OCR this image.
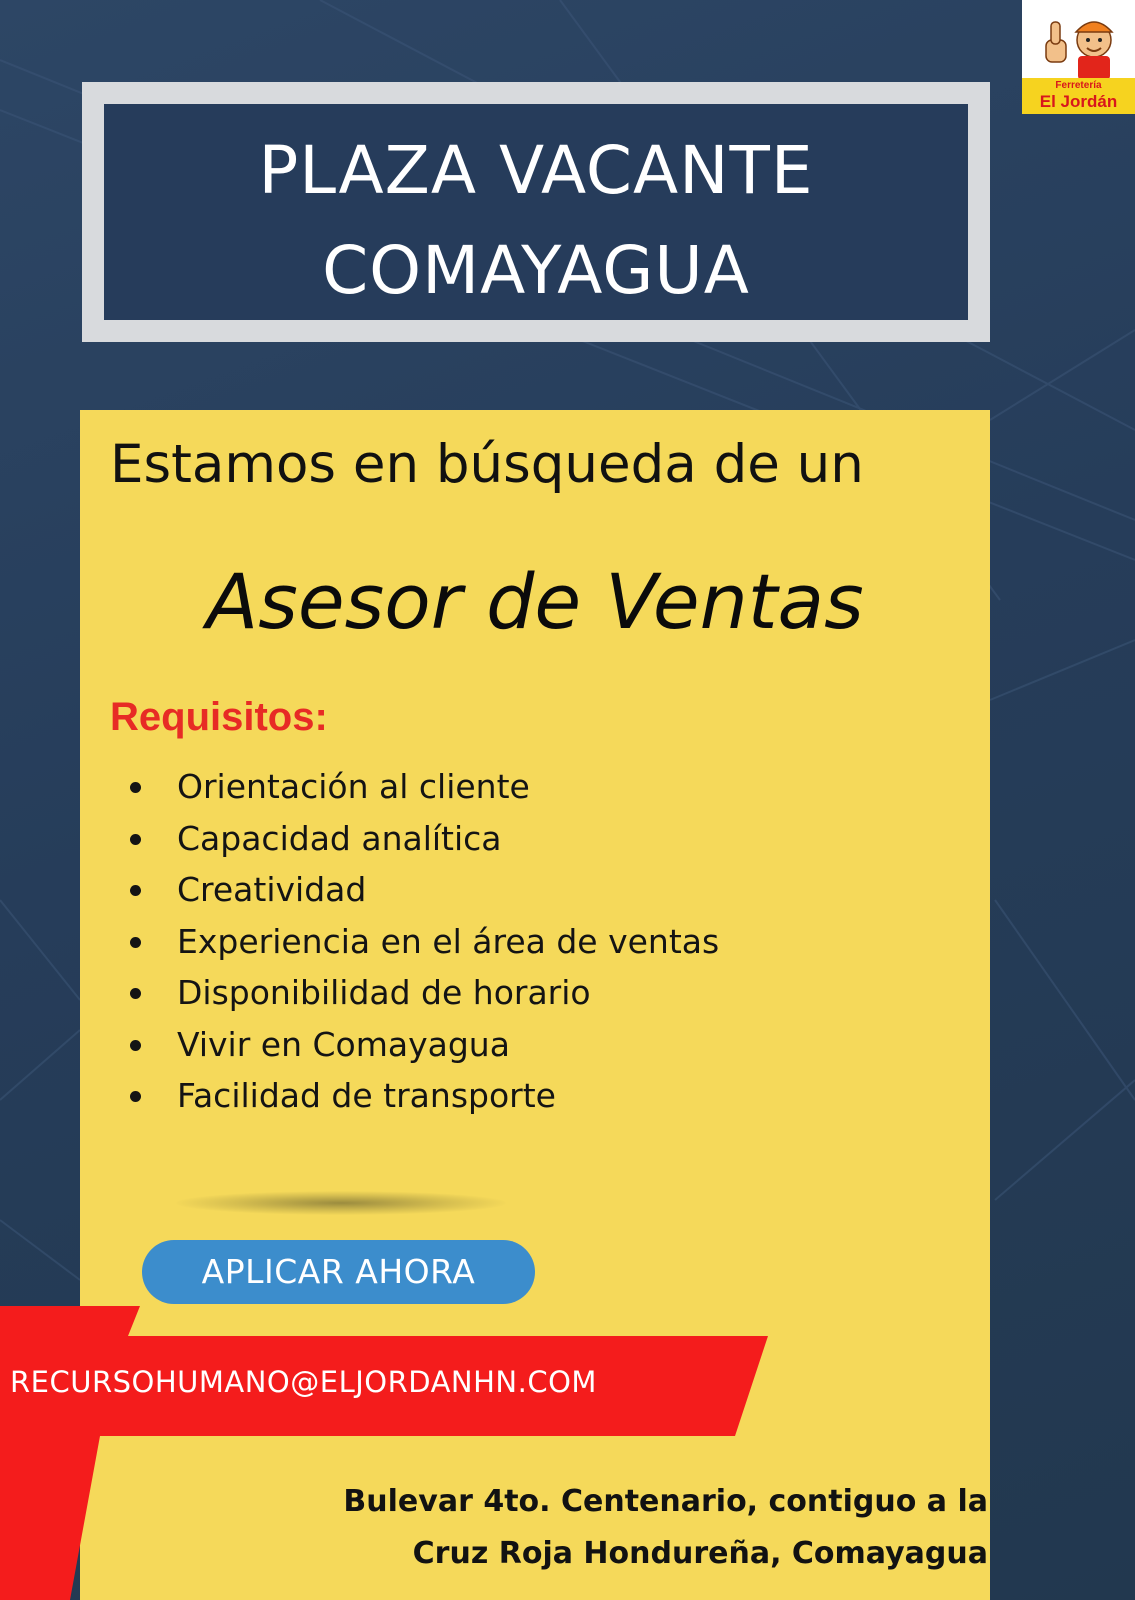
PLAZA VACANTE
COMAYAGUA
Ferretería
El Jordán
Estamos en búsqueda de un
Asesor de Ventas
Requisitos:
Orientación al cliente
Capacidad analítica
Creatividad
Experiencia en el área de ventas
Disponibilidad de horario
Vivir en Comayagua
Facilidad de transporte
APLICAR AHORA
RECURSOHUMANO@ELJORDANHN.COM
Bulevar 4to. Centenario, contiguo a la
Cruz Roja Hondureña, Comayagua
